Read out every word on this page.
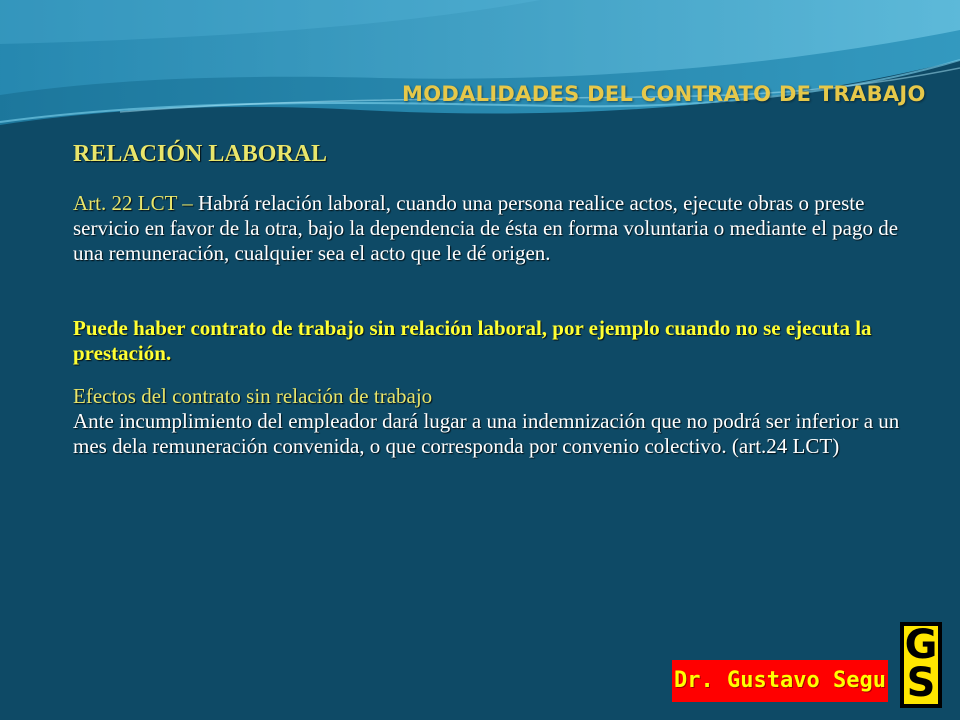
MODALIDADES DEL CONTRATO DE TRABAJO
RELACIÓN LABORAL

Art. 22 LCT – Habrá relación laboral, cuando una persona realice actos, ejecute obras o preste servicio en favor de la otra, bajo la dependencia de ésta en forma voluntaria o mediante el pago de una remuneración, cualquier sea el acto que le dé origen.

Puede haber contrato de trabajo sin relación laboral, por ejemplo cuando no se ejecuta la prestación.

Efectos del contrato sin relación de trabajo

Ante incumplimiento del empleador dará lugar a una indemnización que no podrá ser inferior a un mes dela remuneración convenida, o que corresponda por convenio colectivo. (art.24 LCT)

Dr. Gustavo Segu
G
S
